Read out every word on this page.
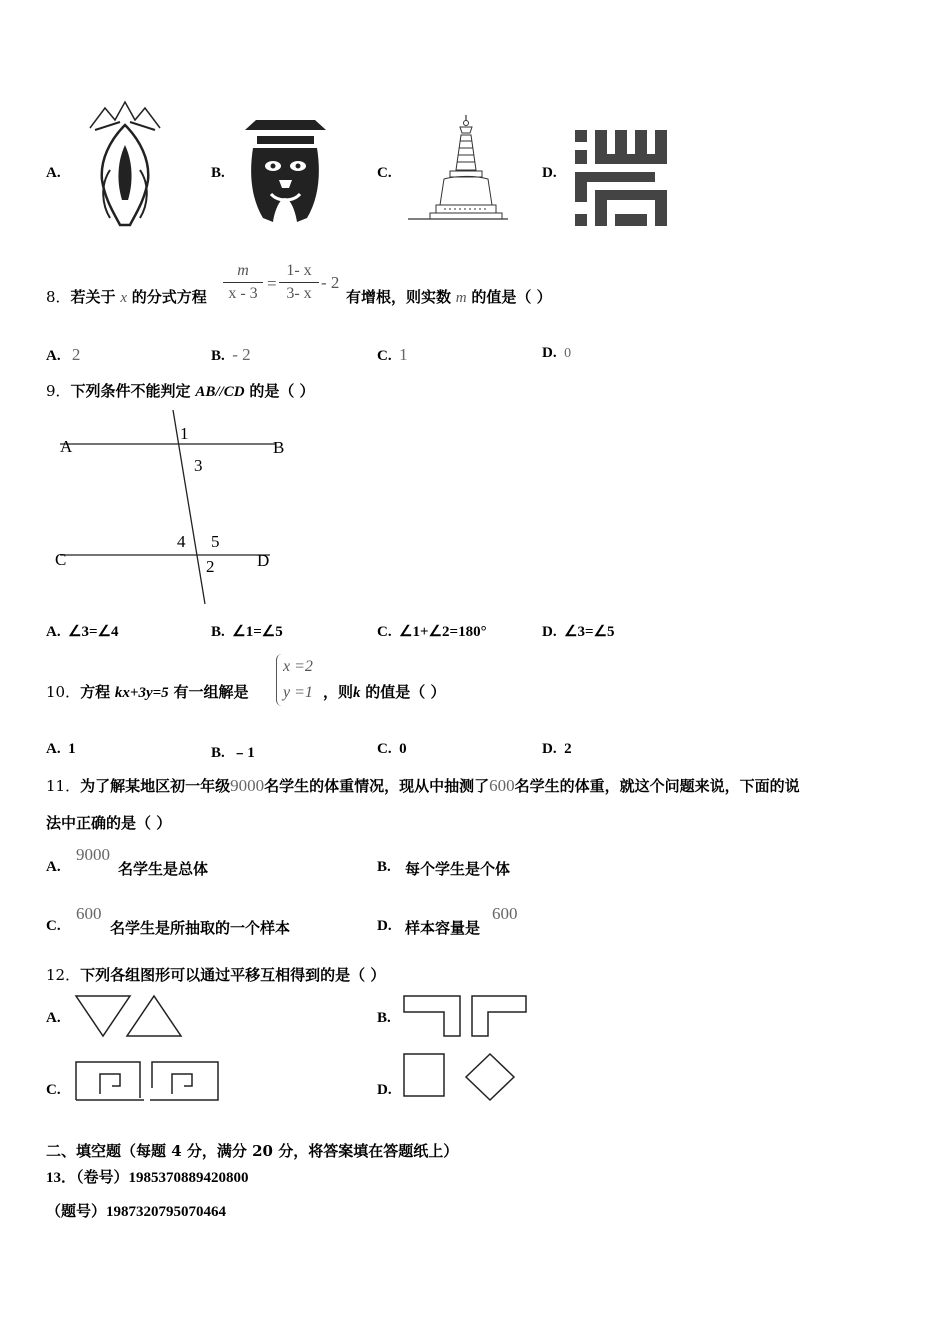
A.	B.	C.	D.
8．若关于 x 的分式方程
m
x - 3
=
1- x
3- x
- 2
有增根，则实数 m 的值是（ ）
A. 2	B. - 2	C. 1	D. 0
9．下列条件不能判定 AB//CD 的是（ ）
A	B
C	D
1
3
4 5
2
A. ∠3=∠4	B. ∠1=∠5	C. ∠1+∠2=180°	D. ∠3=∠5
10．方程 kx+3y=5 有一组解是
x =2
y =1 ，则k 的值是（ ）
A. 1	B. ﹣1	C. 0	D. 2
11．为了解某地区初一年级9000名学生的体重情况，现从中抽测了600名学生的体重，就这个问题来说，下面的说
法中正确的是（ ）
A.
9000
名学生是总体	B. 每个学生是个体
C.
600
名学生是所抽取的一个样本	D. 样本容量是
600
12．下列各组图形可以通过平移互相得到的是（ ）
A.	B.
C.	D.
二、填空题（每题 4 分，满分 20 分，将答案填在答题纸上）
13．（卷号）1985370889420800
（题号）1987320795070464
